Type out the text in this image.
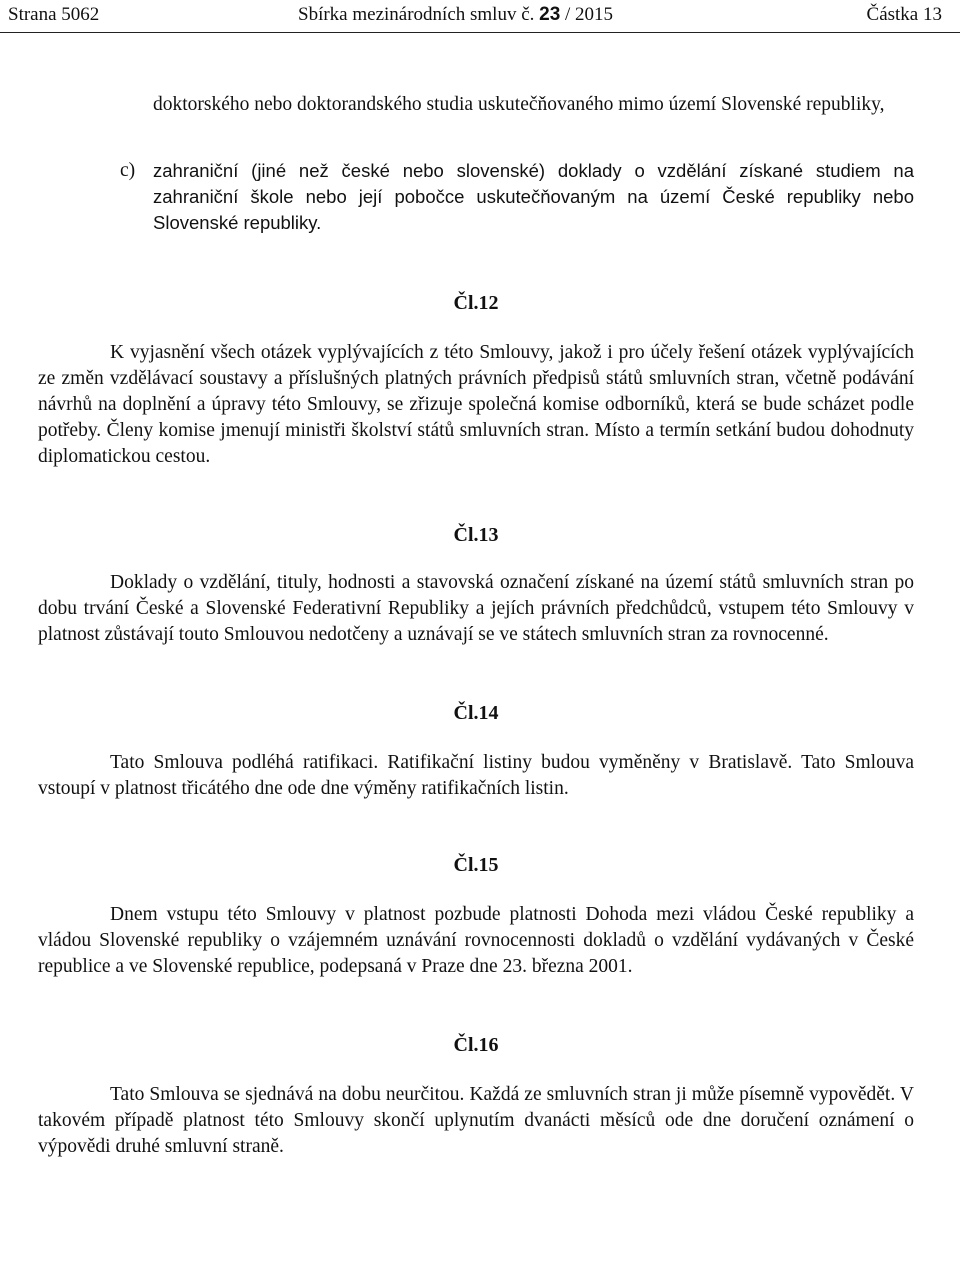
Strana 5062	Sbírka mezinárodních smluv č. 23 / 2015	Částka 13

doktorského nebo doktorandského studia uskutečňovaného mimo území Slovenské republiky,

c) zahraniční (jiné než české nebo slovenské) doklady o vzdělání získané studiem na zahraniční škole nebo její pobočce uskutečňovaným na území České republiky nebo Slovenské republiky.

Čl.12

K vyjasnění všech otázek vyplývajících z této Smlouvy, jakož i pro účely řešení otázek vyplývajících ze změn vzdělávací soustavy a příslušných platných právních předpisů států smluvních stran, včetně podávání návrhů na doplnění a úpravy této Smlouvy, se zřizuje společná komise odborníků, která se bude scházet podle potřeby. Členy komise jmenují ministři školství států smluvních stran. Místo a termín setkání budou dohodnuty diplomatickou cestou.

Čl.13

Doklady o vzdělání, tituly, hodnosti a stavovská označení získané na území států smluvních stran po dobu trvání České a Slovenské Federativní Republiky a jejích právních předchůdců, vstupem této Smlouvy v platnost zůstávají touto Smlouvou nedotčeny a uznávají se ve státech smluvních stran za rovnocenné.

Čl.14

Tato Smlouva podléhá ratifikaci. Ratifikační listiny budou vyměněny v Bratislavě. Tato Smlouva vstoupí v platnost třicátého dne ode dne výměny ratifikačních listin.

Čl.15

Dnem vstupu této Smlouvy v platnost pozbude platnosti Dohoda mezi vládou České republiky a vládou Slovenské republiky o vzájemném uznávání rovnocennosti dokladů o vzdělání vydávaných v České republice a ve Slovenské republice, podepsaná v Praze dne 23. března 2001.

Čl.16

Tato Smlouva se sjednává na dobu neurčitou. Každá ze smluvních stran ji může písemně vypovědět. V takovém případě platnost této Smlouvy skončí uplynutím dvanácti měsíců ode dne doručení oznámení o výpovědi druhé smluvní straně.
